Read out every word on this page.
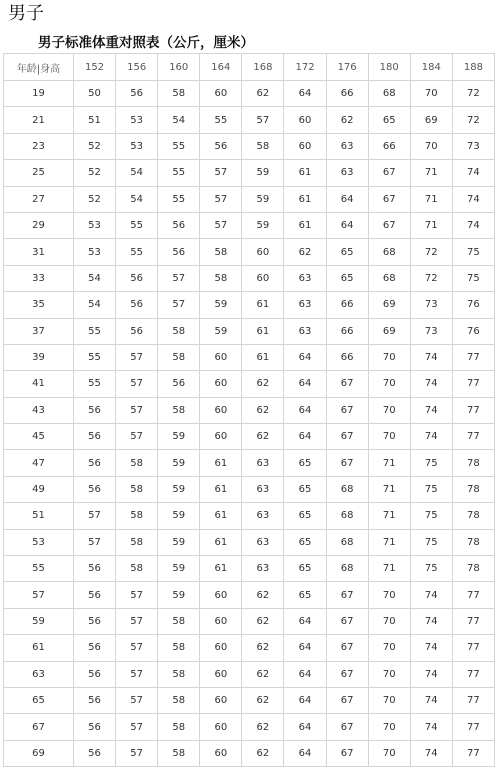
男子
男子标准体重对照表（公斤，厘米）
年龄|身高	152	156	160	164	168	172	176	180	184	188
19	50	56	58	60	62	64	66	68	70	72
21	51	53	54	55	57	60	62	65	69	72
23	52	53	55	56	58	60	63	66	70	73
25	52	54	55	57	59	61	63	67	71	74
27	52	54	55	57	59	61	64	67	71	74
29	53	55	56	57	59	61	64	67	71	74
31	53	55	56	58	60	62	65	68	72	75
33	54	56	57	58	60	63	65	68	72	75
35	54	56	57	59	61	63	66	69	73	76
37	55	56	58	59	61	63	66	69	73	76
39	55	57	58	60	61	64	66	70	74	77
41	55	57	56	60	62	64	67	70	74	77
43	56	57	58	60	62	64	67	70	74	77
45	56	57	59	60	62	64	67	70	74	77
47	56	58	59	61	63	65	67	71	75	78
49	56	58	59	61	63	65	68	71	75	78
51	57	58	59	61	63	65	68	71	75	78
53	57	58	59	61	63	65	68	71	75	78
55	56	58	59	61	63	65	68	71	75	78
57	56	57	59	60	62	65	67	70	74	77
59	56	57	58	60	62	64	67	70	74	77
61	56	57	58	60	62	64	67	70	74	77
63	56	57	58	60	62	64	67	70	74	77
65	56	57	58	60	62	64	67	70	74	77
67	56	57	58	60	62	64	67	70	74	77
69	56	57	58	60	62	64	67	70	74	77
